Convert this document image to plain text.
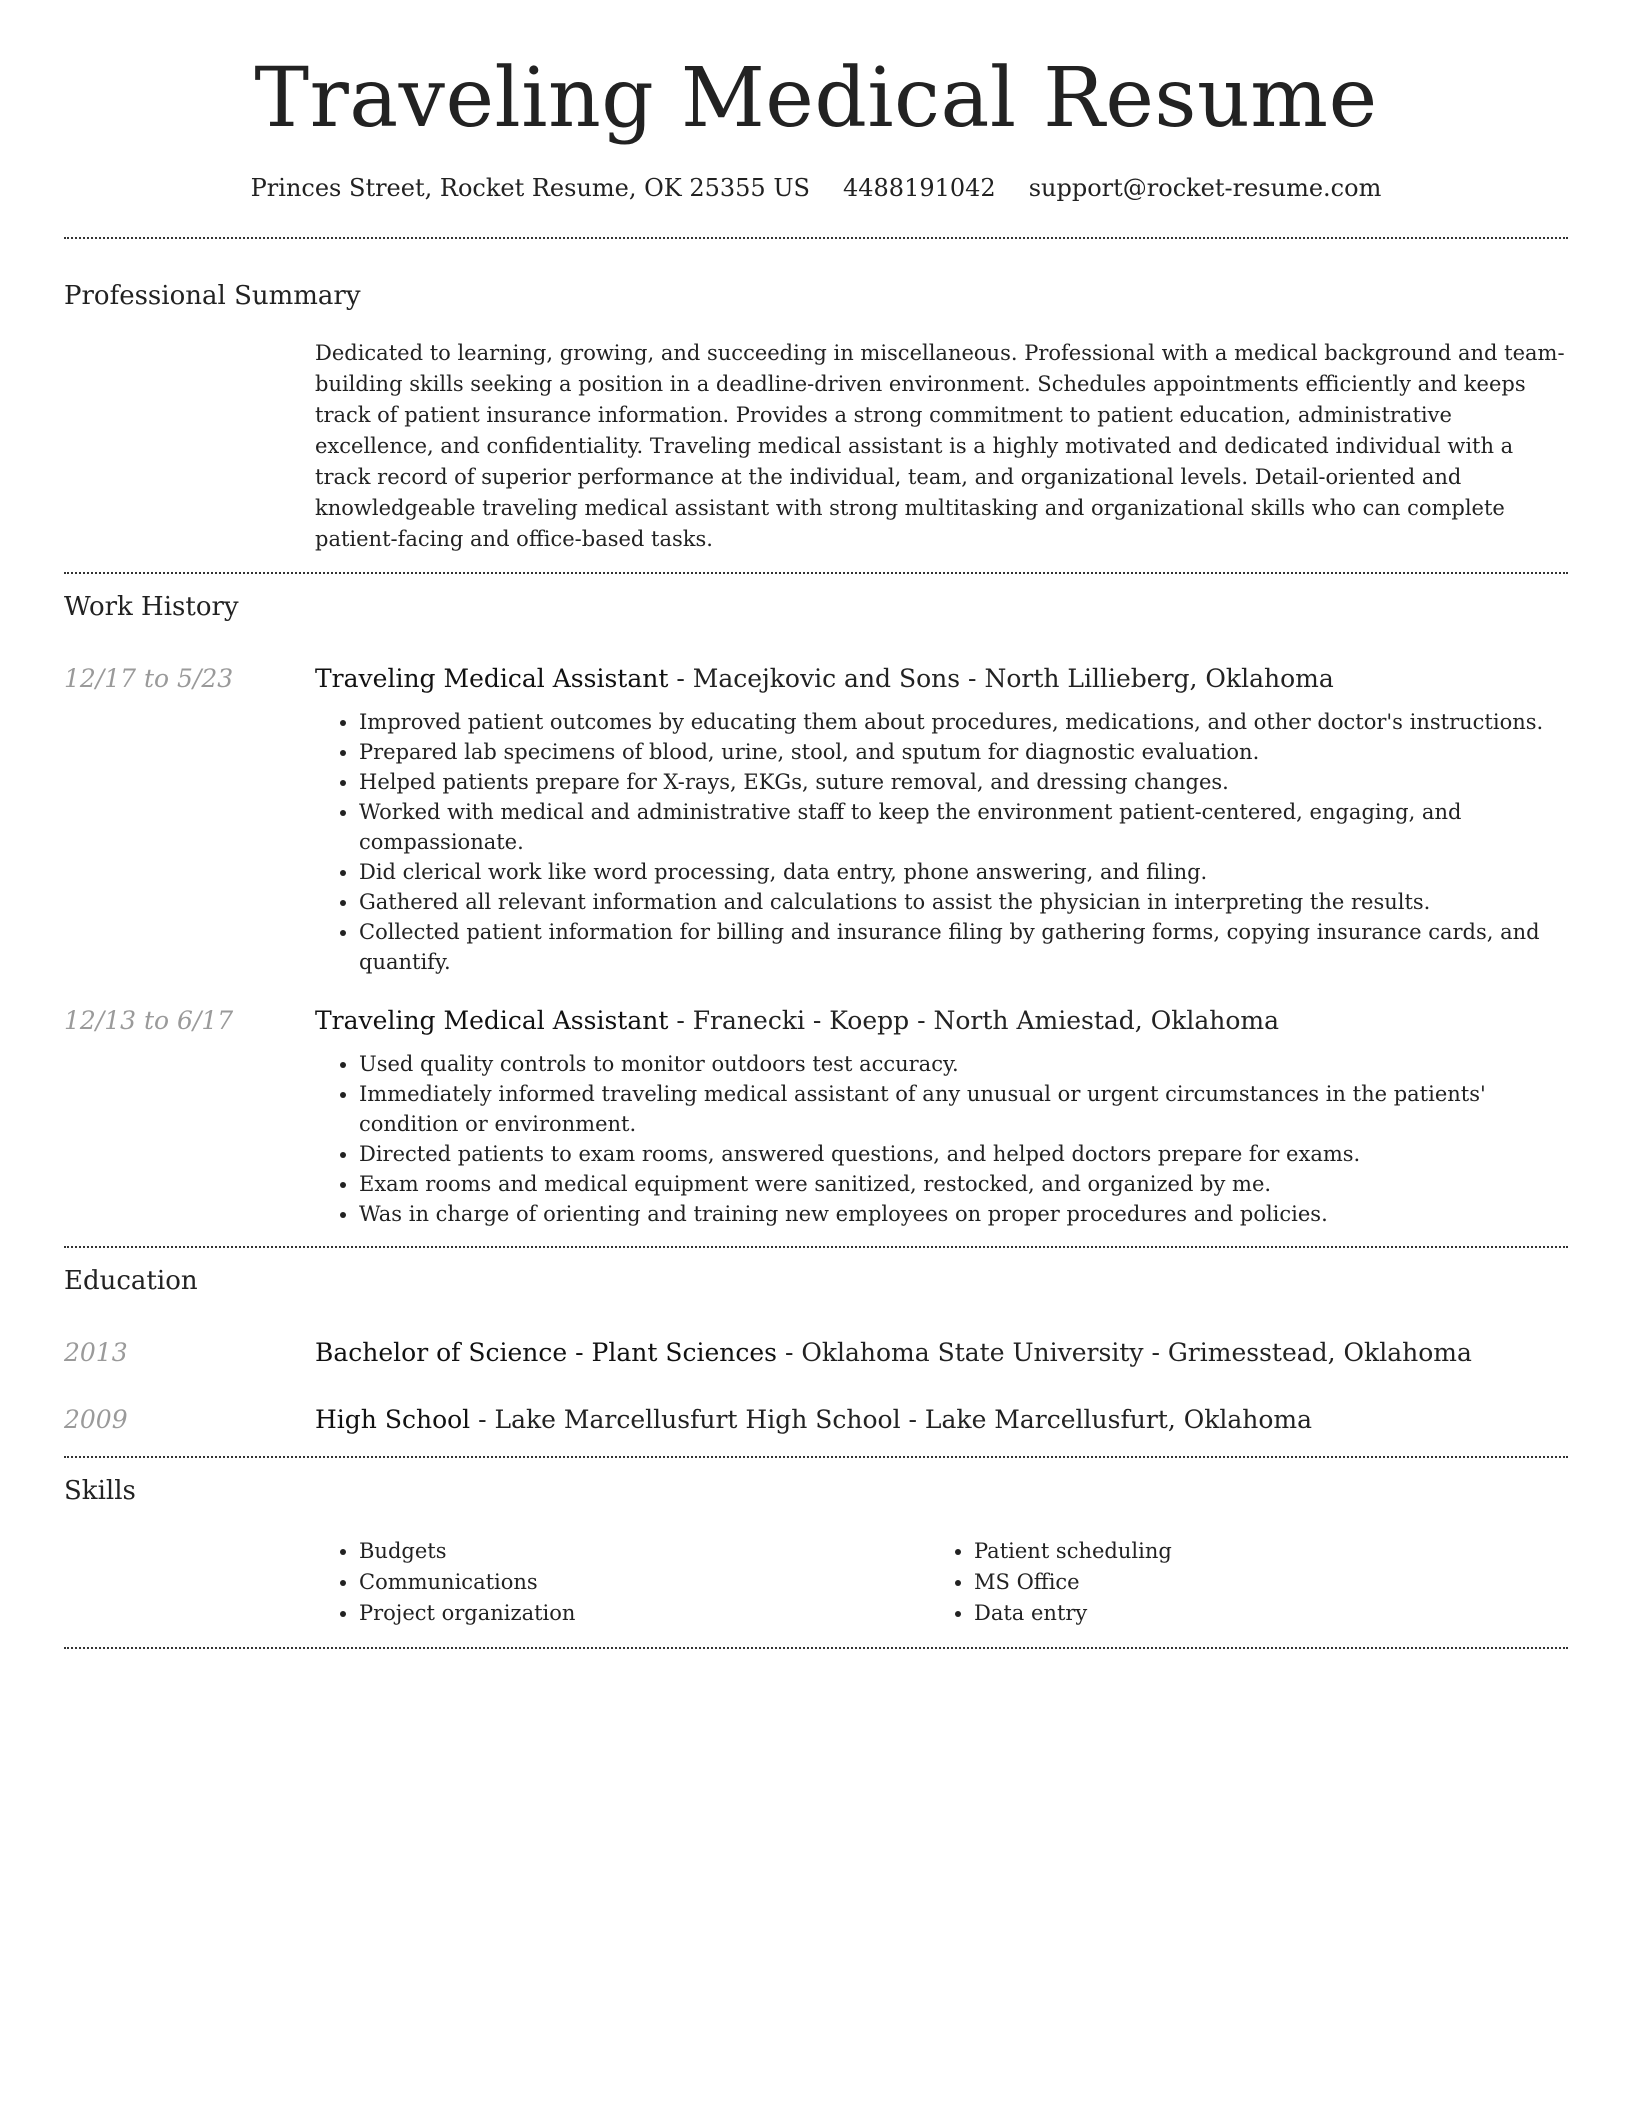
Traveling Medical Resume
Princes Street, Rocket Resume, OK 25355 US 4488191042 support@rocket-resume.com
Professional Summary
Dedicated to learning, growing, and succeeding in miscellaneous. Professional with a medical background and team-building skills seeking a position in a deadline-driven environment. Schedules appointments efficiently and keeps track of patient insurance information. Provides a strong commitment to patient education, administrative excellence, and confidentiality. Traveling medical assistant is a highly motivated and dedicated individual with a track record of superior performance at the individual, team, and organizational levels. Detail-oriented and knowledgeable traveling medical assistant with strong multitasking and organizational skills who can complete patient-facing and office-based tasks.
Work History
12/17 to 5/23	Traveling Medical Assistant - Macejkovic and Sons - North Lillieberg, Oklahoma
• Improved patient outcomes by educating them about procedures, medications, and other doctor's instructions.
• Prepared lab specimens of blood, urine, stool, and sputum for diagnostic evaluation.
• Helped patients prepare for X-rays, EKGs, suture removal, and dressing changes.
• Worked with medical and administrative staff to keep the environment patient-centered, engaging, and compassionate.
• Did clerical work like word processing, data entry, phone answering, and filing.
• Gathered all relevant information and calculations to assist the physician in interpreting the results.
• Collected patient information for billing and insurance filing by gathering forms, copying insurance cards, and quantify.
12/13 to 6/17	Traveling Medical Assistant - Franecki - Koepp - North Amiestad, Oklahoma
• Used quality controls to monitor outdoors test accuracy.
• Immediately informed traveling medical assistant of any unusual or urgent circumstances in the patients' condition or environment.
• Directed patients to exam rooms, answered questions, and helped doctors prepare for exams.
• Exam rooms and medical equipment were sanitized, restocked, and organized by me.
• Was in charge of orienting and training new employees on proper procedures and policies.
Education
2013	Bachelor of Science - Plant Sciences - Oklahoma State University - Grimesstead, Oklahoma
2009	High School - Lake Marcellusfurt High School - Lake Marcellusfurt, Oklahoma
Skills
• Budgets
• Communications
• Project organization
• Patient scheduling
• MS Office
• Data entry
